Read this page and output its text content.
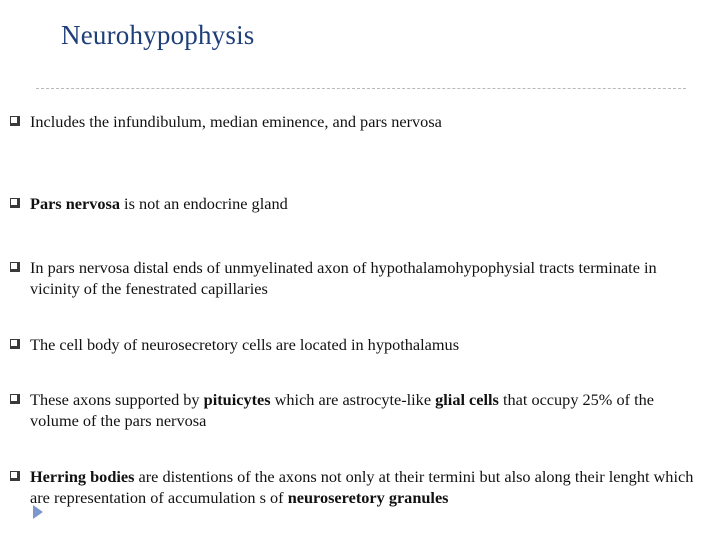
Neurohypophysis
Includes the infundibulum, median eminence, and pars nervosa
Pars nervosa is not an endocrine gland
In pars nervosa distal ends of unmyelinated axon of hypothalamohypophysial tracts terminate in vicinity of the fenestrated capillaries
The cell body of neurosecretory cells are located in hypothalamus
These axons supported by pituicytes which are astrocyte-like glial cells that occupy 25% of the volume of the pars nervosa
Herring bodies are distentions of the axons not only at their termini but also along their lenght which are representation of accumulation s of neuroseretory granules
